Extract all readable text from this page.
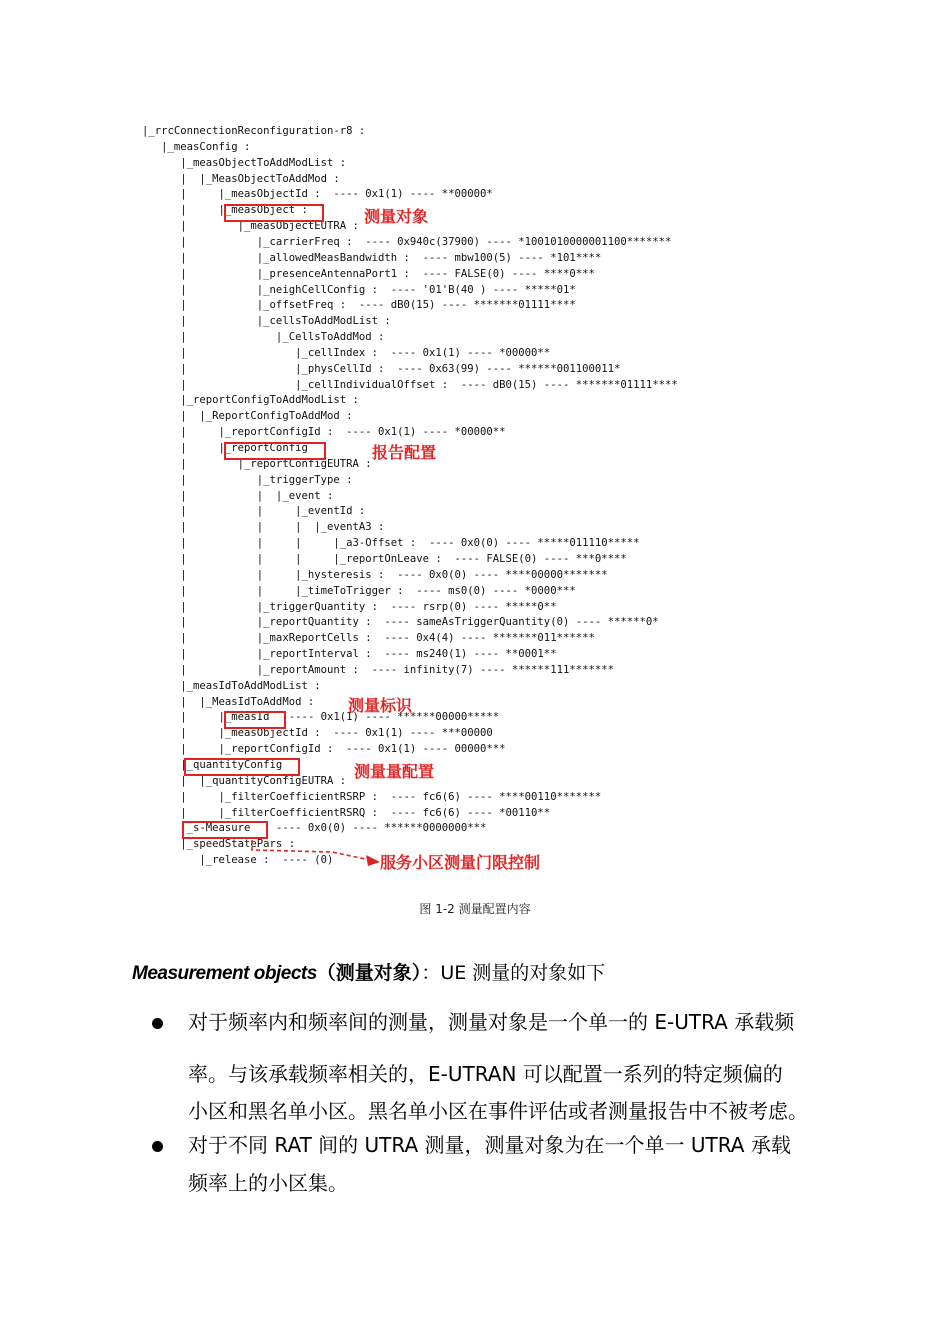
|_rrcConnectionReconfiguration-r8 :
|_measConfig :
|_measObjectToAddModList :
|  |_MeasObjectToAddMod :
|     |_measObjectId :  ---- 0x1(1) ---- **00000*
|     |_measObject :
|        |_measObjectEUTRA :
|           |_carrierFreq :  ---- 0x940c(37900) ---- *1001010000001100*******
|           |_allowedMeasBandwidth :  ---- mbw100(5) ---- *101****
|           |_presenceAntennaPort1 :  ---- FALSE(0) ---- ****0***
|           |_neighCellConfig :  ---- '01'B(40 ) ---- *****01*
|           |_offsetFreq :  ---- dB0(15) ---- *******01111****
|           |_cellsToAddModList :
|              |_CellsToAddMod :
|                 |_cellIndex :  ---- 0x1(1) ---- *00000**
|                 |_physCellId :  ---- 0x63(99) ---- ******001100011*
|                 |_cellIndividualOffset :  ---- dB0(15) ---- *******01111****
|_reportConfigToAddModList :
|  |_ReportConfigToAddMod :
|     |_reportConfigId :  ---- 0x1(1) ---- *00000**
|     |_reportConfig
|        |_reportConfigEUTRA :
|           |_triggerType :
|           |  |_event :
|           |     |_eventId :
|           |     |  |_eventA3 :
|           |     |     |_a3-Offset :  ---- 0x0(0) ---- *****011110*****
|           |     |     |_reportOnLeave :  ---- FALSE(0) ---- ***0****
|           |     |_hysteresis :  ---- 0x0(0) ---- ****00000*******
|           |     |_timeToTrigger :  ---- ms0(0) ---- *0000***
|           |_triggerQuantity :  ---- rsrp(0) ---- *****0**
|           |_reportQuantity :  ---- sameAsTriggerQuantity(0) ---- ******0*
|           |_maxReportCells :  ---- 0x4(4) ---- *******011******
|           |_reportInterval :  ---- ms240(1) ---- **0001**
|           |_reportAmount :  ---- infinity(7) ---- ******111*******
|_measIdToAddModList :
|  |_MeasIdToAddMod :
|     |_measId   ---- 0x1(1) ---- ******00000*****
|     |_measObjectId :  ---- 0x1(1) ---- ***00000
|     |_reportConfigId :  ---- 0x1(1) ---- 00000***
|_quantityConfig
|  |_quantityConfigEUTRA :
|     |_filterCoefficientRSRP :  ---- fc6(6) ---- ****00110*******
|     |_filterCoefficientRSRQ :  ---- fc6(6) ---- *00110**
|_s-Measure    ---- 0x0(0) ---- ******0000000***
|_speedStatePars :
|_release :  ---- (0)
测量对象
报告配置
测量标识
测量量配置
服务小区测量门限控制
图 1-2 测量配置内容
Measurement objects（测量对象）：UE 测量的对象如下

对于频率内和频率间的测量，测量对象是一个单一的 E-UTRA 承载频

率。与该承载频率相关的，E-UTRAN 可以配置一系列的特定频偏的

小区和黑名单小区。黑名单小区在事件评估或者测量报告中不被考虑。

对于不同 RAT 间的 UTRA 测量，测量对象为在一个单一 UTRA 承载

频率上的小区集。
